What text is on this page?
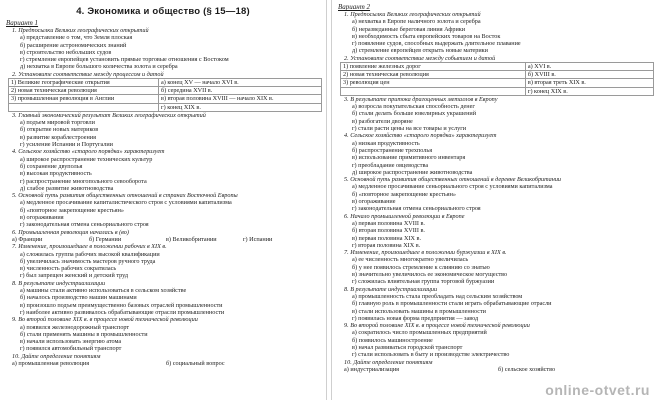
4. Экономика и общество (§ 15—18)
Вариант 1
1. Предпосылки Великих географических открытий
а) представление о том, что Земля плоская
б) расширение астрономических знаний
в) строительство небольших судов
г) стремление европейцев установить прямые торговые отношения с Востоком
д) нехватка в Европе большого количества золота и серебра
2. Установите соответствие между процессом и датой
1) Великие географические открытия	а) конец XV — начало XVI в.
2) новая техническая революция	б) середина XVII в.
3) промышленная революция в Англии	в) вторая половина XVIII — начало XIX в.
	г) конец XIX в.
3. Главный экономический результат Великих географических открытий
а) подъем мировой торговли
б) открытие новых материков
в) развитие кораблестроения
г) усиление Испании и Португалии
4. Сельское хозяйство «старого порядка» характеризует
а) широкое распространение технических культур
б) сохранение двуполья
в) высокая продуктивность
г) распространение многопольного севооборота
д) слабое развитие животноводства
5. Основной путь развития общественных отношений в странах Восточной Европы
а) медленное просачивание капиталистического строя с условиями капитализма
б) «повторное закрепощение крестьян»
в) огораживания
г) законодательная отмена сеньориального строя
6. Промышленная революция началась в (во)
а) Франции	б) Германии	в) Великобритании	г) Испании
7. Изменение, произошедшее в положении рабочих в XIX в.
а) сложилась группа рабочих высокой квалификации
б) увеличилась значимость мастеров ручного труда
в) численность рабочих сократилась
г) был запрещен женский и детский труд
8. В результате индустриализации
а) машины стали активно использоваться в сельском хозяйстве
б) началось производство машин машинами
в) произошло подъем преимущественно базовых отраслей промышленности
г) наиболее активно развивалось обрабатывающие отрасли промышленности
9. Во второй половине XIX в. в процессе новой технической революции
а) появился железнодорожный транспорт
б) стали применять машины в промышленности
в) начали использовать энергию атома
г) появился автомобильный транспорт
10. Дайте определение понятиям
а) промышленная революция	б) социальный вопрос
Вариант 2
1. Предпосылки Великих географических открытий
а) нехватка в Европе наличного золота и серебра
б) неразведанные береговая линия Африки
в) необходимость сбыта европейских товаров на Восток
г) появление судов, способных выдержать длительное плавание
д) стремление европейцев открыть новые материки
2. Установите соответствие между событием и датой
1) появление железных дорог	а) XVI в.
2) новая техническая революция	б) XVIII в.
3) революция цен	в) вторая треть XIX в.
	г) конец XIX в.
3. В результате притока драгоценных металлов в Европу
а) возросла покупательская способность денег
б) стали делать больше ювелирных украшений
в) разбогатели дворяне
г) стали расти цены на все товары и услуги
4. Сельское хозяйство «старого порядка» характеризует
а) низкая продуктивность
б) распространение трехполья
в) использование примитивного инвентаря
г) преобладание овцеводства
д) широкое распространение животноводства
5. Основной путь развития общественных отношений в деревне Великобритании
а) медленное просачивание сеньориального строя с условиями капитализма
б) «повторное закрепощение крестьян»
в) огораживание
г) законодательная отмена сеньориального строя
6. Начало промышленной революции в Европе
а) первая половина XVIII в.
б) вторая половина XVIII в.
в) первая половина XIX в.
г) вторая половина XIX в.
7. Изменение, произошедшее в положении буржуазии в XIX в.
а) ее численность многократно увеличилась
б) у нее появилось стремление к слиянию со знатью
в) значительно увеличилось ее экономическое могущество
г) сложилась влиятельная группа торговой буржуазии
8. В результате индустриализации
а) промышленность стала преобладать над сельским хозяйством
б) главную роль в промышленности стали играть обрабатывающие отрасли
в) стали использовать машины в промышленности
г) появилась новая форма предприятия — завод
9. Во второй половине XIX в. в процессе новой технической революции
а) сократилось число промышленных предприятий
б) появилось машиностроение
в) начал развиваться городской транспорт
г) стали использовать в быту и производстве электричество
10. Дайте определение понятиям
а) индустриализация	б) сельское хозяйство
online-otvet.ru
